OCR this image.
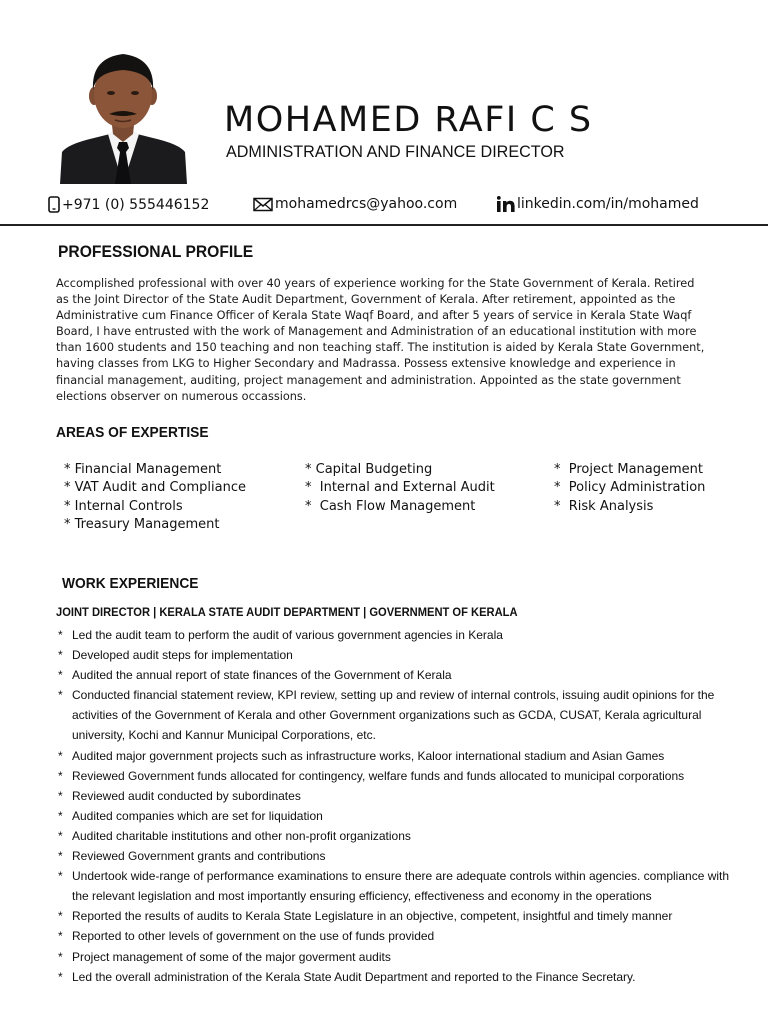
MOHAMED RAFI C S
ADMINISTRATION AND FINANCE DIRECTOR
+971 (0) 555446152	mohamedrcs@yahoo.com	linkedin.com/in/mohamed
PROFESSIONAL PROFILE
Accomplished professional with over 40 years of experience working for the State Government of Kerala. Retired
as the Joint Director of the State Audit Department, Government of Kerala. After retirement, appointed as the
Administrative cum Finance Officer of Kerala State Waqf Board, and after 5 years of service in Kerala State Waqf
Board, I have entrusted with the work of Management and Administration of an educational institution with more
than 1600 students and 150 teaching and non teaching staff. The institution is aided by Kerala State Government,
having classes from LKG to Higher Secondary and Madrassa. Possess extensive knowledge and experience in
financial management, auditing, project management and administration. Appointed as the state government
elections observer on numerous occassions.
AREAS OF EXPERTISE
* Financial Management
* VAT Audit and Compliance
* Internal Controls
* Treasury Management
* Capital Budgeting
*  Internal and External Audit
*  Cash Flow Management
*  Project Management
*  Policy Administration
*  Risk Analysis
WORK EXPERIENCE
JOINT DIRECTOR | KERALA STATE AUDIT DEPARTMENT | GOVERNMENT OF KERALA
* Led the audit team to perform the audit of various government agencies in Kerala
* Developed audit steps for implementation
* Audited the annual report of state finances of the Government of Kerala
* Conducted financial statement review, KPI review, setting up and review of internal controls, issuing audit opinions for the
activities of the Government of Kerala and other Government organizations such as GCDA, CUSAT, Kerala agricultural
university, Kochi and Kannur Municipal Corporations, etc.
* Audited major government projects such as infrastructure works, Kaloor international stadium and Asian Games
* Reviewed Government funds allocated for contingency, welfare funds and funds allocated to municipal corporations
* Reviewed audit conducted by subordinates
* Audited companies which are set for liquidation
* Audited charitable institutions and other non-profit organizations
* Reviewed Government grants and contributions
* Undertook wide-range of performance examinations to ensure there are adequate controls within agencies. compliance with
the relevant legislation and most importantly ensuring efficiency, effectiveness and economy in the operations
* Reported the results of audits to Kerala State Legislature in an objective, competent, insightful and timely manner
* Reported to other levels of government on the use of funds provided
* Project management of some of the major goverment audits
* Led the overall administration of the Kerala State Audit Department and reported to the Finance Secretary.
